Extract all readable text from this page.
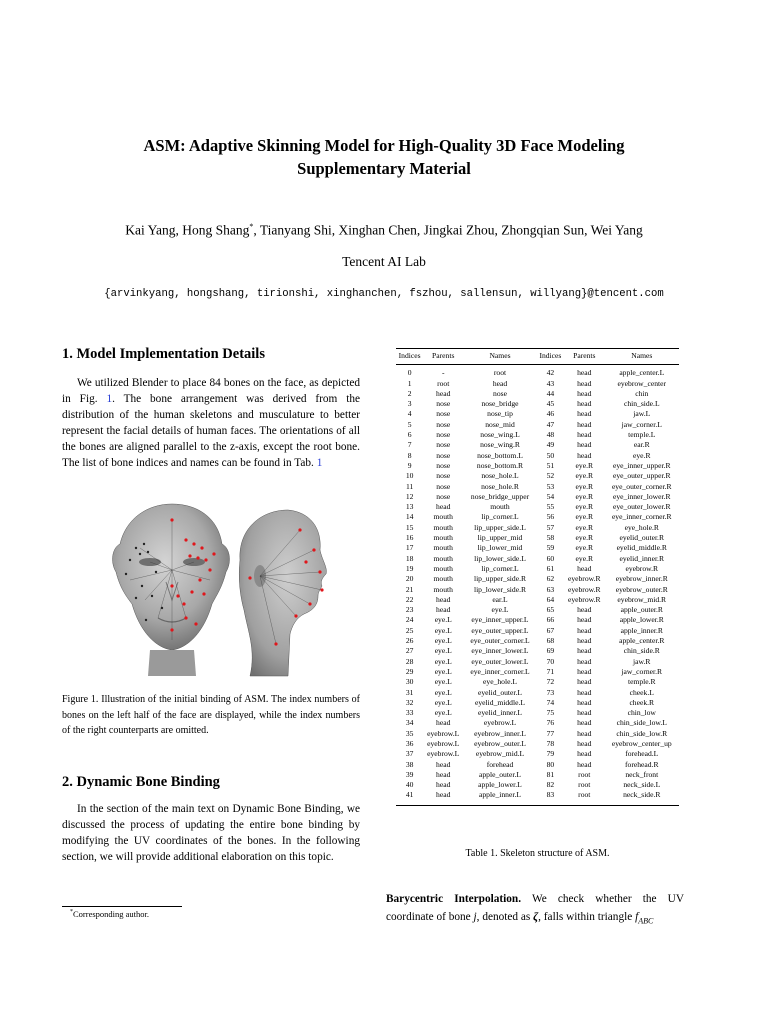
ASM: Adaptive Skinning Model for High-Quality 3D Face Modeling
Supplementary Material
Kai Yang, Hong Shang*, Tianyang Shi, Xinghan Chen, Jingkai Zhou, Zhongqian Sun, Wei Yang
Tencent AI Lab
{arvinkyang, hongshang, tirionshi, xinghanchen, fszhou, sallensun, willyang}@tencent.com
1. Model Implementation Details

We utilized Blender to place 84 bones on the face, as depicted in Fig. 1. The bone arrangement was derived from the distribution of the human skeletons and musculature to better represent the facial details of human faces. The orientations of all the bones are aligned parallel to the z-axis, except the root bone. The list of bone indices and names can be found in Tab. 1

Figure 1. Illustration of the initial binding of ASM. The index numbers of bones on the left half of the face are displayed, while the index numbers of the right counterparts are omitted.

2. Dynamic Bone Binding

In the section of the main text on Dynamic Bone Binding, we discussed the process of updating the entire bone binding by modifying the UV coordinates of the bones. In the following section, we will provide additional elaboration on this topic.

*Corresponding author.
Indices	Parents	Names	Indices	Parents	Names
0	-	root	42	head	apple_center.L
1	root	head	43	head	eyebrow_center
2	head	nose	44	head	chin
3	nose	nose_bridge	45	head	chin_side.L
4	nose	nose_tip	46	head	jaw.L
5	nose	nose_mid	47	head	jaw_corner.L
6	nose	nose_wing.L	48	head	temple.L
7	nose	nose_wing.R	49	head	ear.R
8	nose	nose_bottom.L	50	head	eye.R
9	nose	nose_bottom.R	51	eye.R	eye_inner_upper.R
10	nose	nose_hole.L	52	eye.R	eye_outer_upper.R
11	nose	nose_hole.R	53	eye.R	eye_outer_corner.R
12	nose	nose_bridge_upper	54	eye.R	eye_inner_lower.R
13	head	mouth	55	eye.R	eye_outer_lower.R
14	mouth	lip_corner.L	56	eye.R	eye_inner_corner.R
15	mouth	lip_upper_side.L	57	eye.R	eye_hole.R
16	mouth	lip_upper_mid	58	eye.R	eyelid_outer.R
17	mouth	lip_lower_mid	59	eye.R	eyelid_middle.R
18	mouth	lip_lower_side.L	60	eye.R	eyelid_inner.R
19	mouth	lip_corner.L	61	head	eyebrow.R
20	mouth	lip_upper_side.R	62	eyebrow.R	eyebrow_inner.R
21	mouth	lip_lower_side.R	63	eyebrow.R	eyebrow_outer.R
22	head	ear.L	64	eyebrow.R	eyebrow_mid.R
23	head	eye.L	65	head	apple_outer.R
24	eye.L	eye_inner_upper.L	66	head	apple_lower.R
25	eye.L	eye_outer_upper.L	67	head	apple_inner.R
26	eye.L	eye_outer_corner.L	68	head	apple_center.R
27	eye.L	eye_inner_lower.L	69	head	chin_side.R
28	eye.L	eye_outer_lower.L	70	head	jaw.R
29	eye.L	eye_inner_corner.L	71	head	jaw_corner.R
30	eye.L	eye_hole.L	72	head	temple.R
31	eye.L	eyelid_outer.L	73	head	cheek.L
32	eye.L	eyelid_middle.L	74	head	cheek.R
33	eye.L	eyelid_inner.L	75	head	chin_low
34	head	eyebrow.L	76	head	chin_side_low.L
35	eyebrow.L	eyebrow_inner.L	77	head	chin_side_low.R
36	eyebrow.L	eyebrow_outer.L	78	head	eyebrow_center_up
37	eyebrow.L	eyebrow_mid.L	79	head	forehead.L
38	head	forehead	80	head	forehead.R
39	head	apple_outer.L	81	root	neck_front
40	head	apple_lower.L	82	root	neck_side.L
41	head	apple_inner.L	83	root	neck_side.R
Table 1. Skeleton structure of ASM.

Barycentric Interpolation. We check whether the UV coordinate of bone j, denoted as ζ, falls within triangle $f_{ABC}$
